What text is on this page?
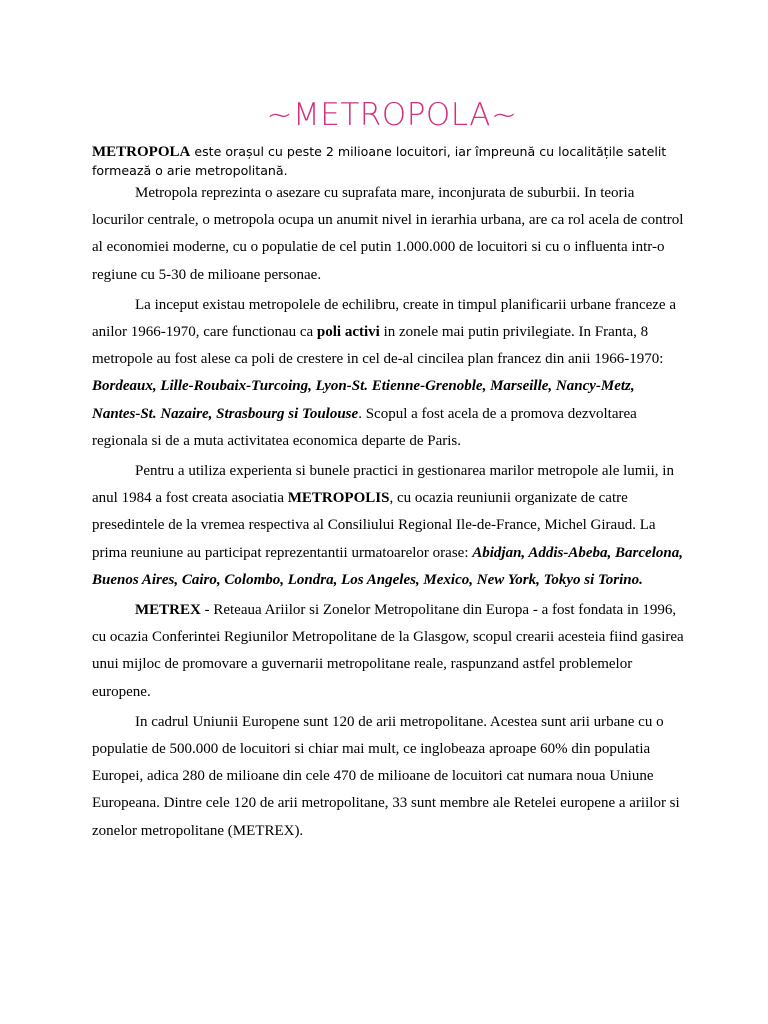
~METROPOLA~

METROPOLA este orașul cu peste 2 milioane locuitori, iar împreună cu localitățile satelit formează o arie metropolitană.

Metropola reprezinta o asezare cu suprafata mare, inconjurata de suburbii. In teoria locurilor centrale, o metropola ocupa un anumit nivel in ierarhia urbana, are ca rol acela de control al economiei moderne, cu o populatie de cel putin 1.000.000 de locuitori si cu o influenta intr-o regiune cu 5-30 de milioane personae.

La inceput existau metropolele de echilibru, create in timpul planificarii urbane franceze a anilor 1966-1970, care functionau ca poli activi in zonele mai putin privilegiate. In Franta, 8 metropole au fost alese ca poli de crestere in cel de-al cincilea plan francez din anii 1966-1970: Bordeaux, Lille-Roubaix-Turcoing, Lyon-St. Etienne-Grenoble, Marseille, Nancy-Metz, Nantes-St. Nazaire, Strasbourg si Toulouse. Scopul a fost acela de a promova dezvoltarea regionala si de a muta activitatea economica departe de Paris.

Pentru a utiliza experienta si bunele practici in gestionarea marilor metropole ale lumii, in anul 1984 a fost creata asociatia METROPOLIS, cu ocazia reuniunii organizate de catre presedintele de la vremea respectiva al Consiliului Regional Ile-de-France, Michel Giraud. La prima reuniune au participat reprezentantii urmatoarelor orase: Abidjan, Addis-Abeba, Barcelona, Buenos Aires, Cairo, Colombo, Londra, Los Angeles, Mexico, New York, Tokyo si Torino.

METREX - Reteaua Ariilor si Zonelor Metropolitane din Europa - a fost fondata in 1996, cu ocazia Conferintei Regiunilor Metropolitane de la Glasgow, scopul crearii acesteia fiind gasirea unui mijloc de promovare a guvernarii metropolitane reale, raspunzand astfel problemelor europene.

In cadrul Uniunii Europene sunt 120 de arii metropolitane. Acestea sunt arii urbane cu o populatie de 500.000 de locuitori si chiar mai mult, ce inglobeaza aproape 60% din populatia Europei, adica 280 de milioane din cele 470 de milioane de locuitori cat numara noua Uniune Europeana. Dintre cele 120 de arii metropolitane, 33 sunt membre ale Retelei europene a ariilor si zonelor metropolitane (METREX).
